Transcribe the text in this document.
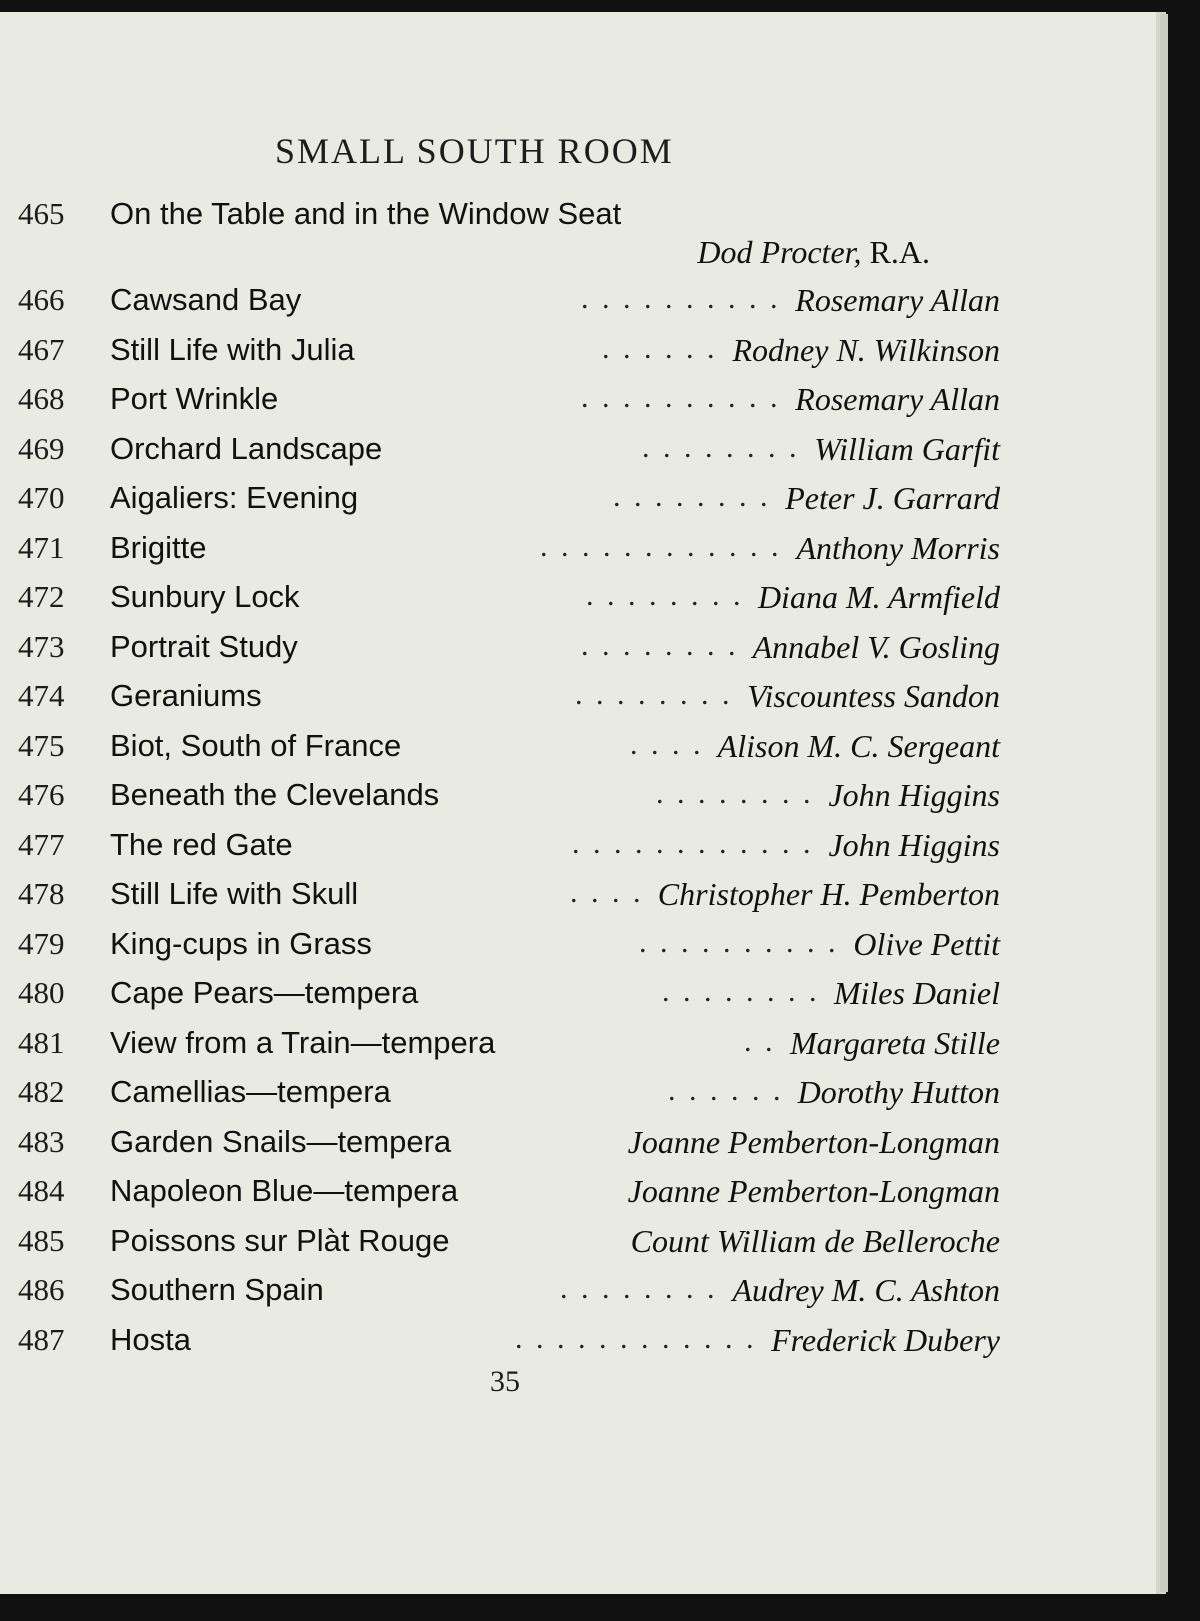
SMALL SOUTH ROOM
465 On the Table and in the Window Seat
Dod Procter, R.A.
466 Cawsand Bay	Rosemary Allan
. . . . . . . . . .
467 Still Life with Julia	Rodney N. Wilkinson
. . . . . .
468 Port Wrinkle	Rosemary Allan
. . . . . . . . . .
469 Orchard Landscape	William Garfit
. . . . . . . .
470 Aigaliers: Evening	Peter J. Garrard
. . . . . . . .
471 Brigitte	Anthony Morris
. . . . . . . . . . . .
472 Sunbury Lock	Diana M. Armfield
. . . . . . . .
473 Portrait Study	Annabel V. Gosling
. . . . . . . .
474 Geraniums	Viscountess Sandon
. . . . . . . .
475 Biot, South of France	Alison M. C. Sergeant
. . . .
476 Beneath the Clevelands	John Higgins
. . . . . . . .
477 The red Gate	John Higgins
. . . . . . . . . . . .
478 Still Life with Skull	Christopher H. Pemberton
. . . .
479 King-cups in Grass	Olive Pettit
. . . . . . . . . .
480 Cape Pears—tempera	Miles Daniel
. . . . . . . .
481 View from a Train—tempera	Margareta Stille
. .
482 Camellias—tempera	Dorothy Hutton
. . . . . .
483 Garden Snails—tempera	Joanne Pemberton-Longman
484 Napoleon Blue—tempera	Joanne Pemberton-Longman
485 Poissons sur Plàt Rouge	Count William de Belleroche
486 Southern Spain	Audrey M. C. Ashton
. . . . . . . .
487 Hosta	Frederick Dubery
. . . . . . . . . . . .
35
